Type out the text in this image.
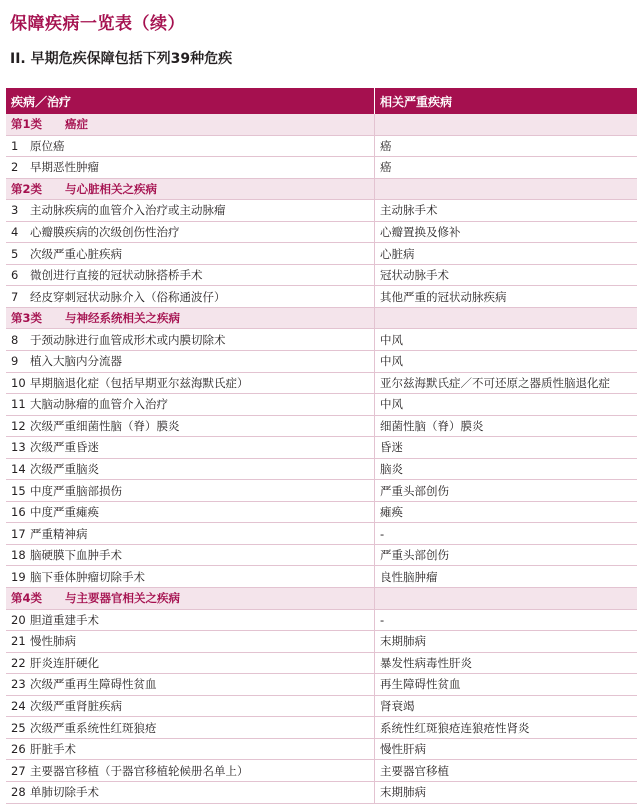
保障疾病一览表（续）
II. 早期危疾保障包括下列39种危疾
疾病／治疗	相关严重疾病
第1类	癌症
1	原位癌	癌
2	早期恶性肿瘤	癌
第2类	与心脏相关之疾病
3	主动脉疾病的血管介入治疗或主动脉瘤	主动脉手术
4	心瓣膜疾病的次级创伤性治疗	心瓣置换及修补
5	次级严重心脏疾病	心脏病
6	微创进行直接的冠状动脉搭桥手术	冠状动脉手术
7	经皮穿刺冠状动脉介入（俗称通波仔）	其他严重的冠状动脉疾病
第3类	与神经系统相关之疾病
8	于颈动脉进行血管成形术或内膜切除术	中风
9	植入大脑内分流器	中风
10 早期脑退化症（包括早期亚尔兹海默氏症）	亚尔兹海默氏症／不可还原之器质性脑退化症
11 大脑动脉瘤的血管介入治疗	中风
12 次级严重细菌性脑（脊）膜炎	细菌性脑（脊）膜炎
13 次级严重昏迷	昏迷
14 次级严重脑炎	脑炎
15 中度严重脑部损伤	严重头部创伤
16 中度严重瘫痪	瘫痪
17 严重精神病	-
18 脑硬膜下血肿手术	严重头部创伤
19 脑下垂体肿瘤切除手术	良性脑肿瘤
第4类	与主要器官相关之疾病
20 胆道重建手术	-
21 慢性肺病	末期肺病
22 肝炎连肝硬化	暴发性病毒性肝炎
23 次级严重再生障碍性贫血	再生障碍性贫血
24 次级严重肾脏疾病	肾衰竭
25 次级严重系统性红斑狼疮	系统性红斑狼疮连狼疮性肾炎
26 肝脏手术	慢性肝病
27 主要器官移植（于器官移植轮候册名单上）	主要器官移植
28 单肺切除手术	末期肺病
